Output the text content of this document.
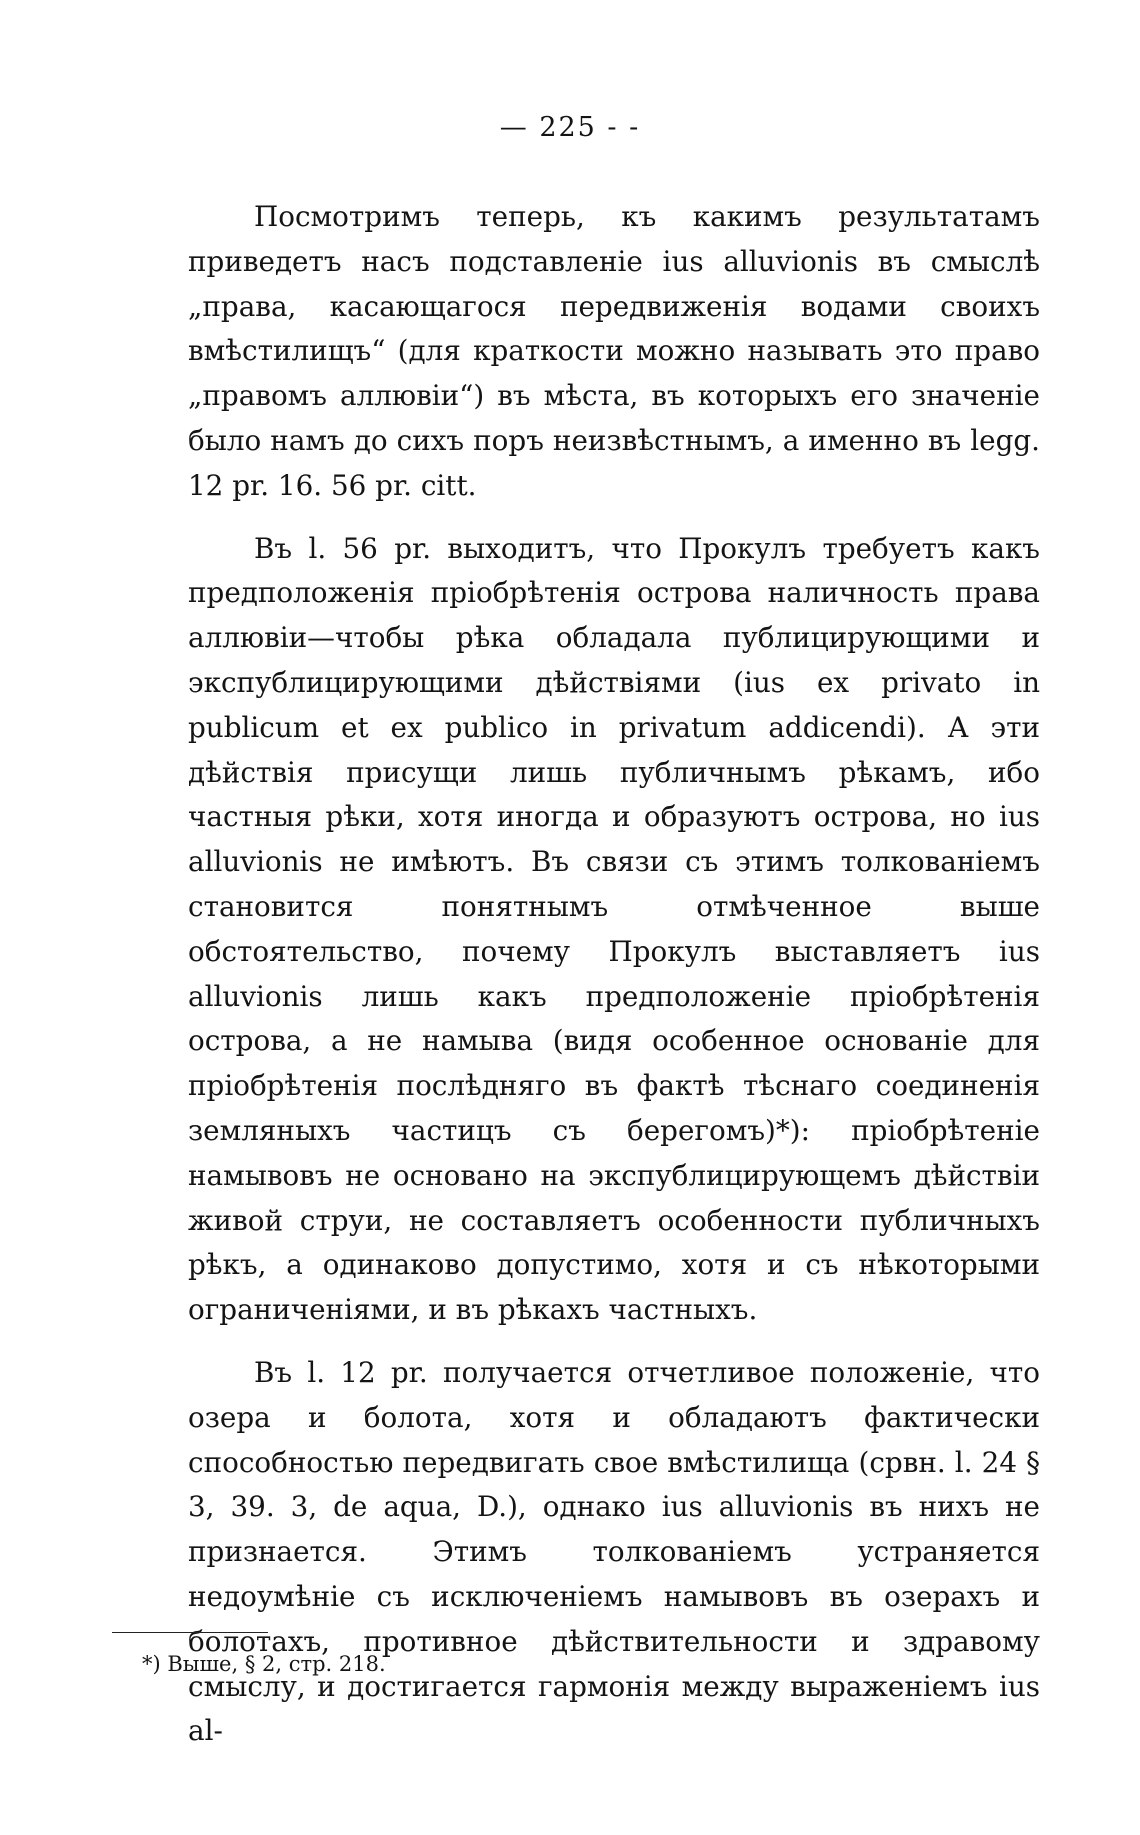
— 225 - -

Посмотримъ теперь, къ какимъ результатамъ приведетъ насъ подставленіе ius alluvionis въ смыслѣ „права, касающагося передвиженія водами своихъ вмѣстилищъ“ (для краткости можно называть это право „правомъ аллювіи“) въ мѣста, въ которыхъ его значеніе было намъ до сихъ поръ неизвѣстнымъ, а именно въ legg. 12 pr. 16. 56 pr. citt.

Въ l. 56 pr. выходитъ, что Прокулъ требуетъ какъ предположенія пріобрѣтенія острова наличность права аллювіи—чтобы рѣка обладала публицирующими и экспублицирующими дѣйствіями (ius ex privato in publicum et ex publico in privatum addicendi). А эти дѣйствія присущи лишь публичнымъ рѣкамъ, ибо частныя рѣки, хотя иногда и образуютъ острова, но ius alluvionis не имѣютъ. Въ связи съ этимъ толкованіемъ становится понятнымъ отмѣченное выше обстоятельство, почему Прокулъ выставляетъ ius alluvionis лишь какъ предположеніе пріобрѣтенія острова, а не намыва (видя особенное основаніе для пріобрѣтенія послѣдняго въ фактѣ тѣснаго соединенія земляныхъ частицъ съ берегомъ)*): пріобрѣтеніе намывовъ не основано на экспублицирующемъ дѣйствіи живой струи, не составляетъ особенности публичныхъ рѣкъ, а одинаково допустимо, хотя и съ нѣкоторыми ограниченіями, и въ рѣкахъ частныхъ.

Въ l. 12 pr. получается отчетливое положеніе, что озера и болота, хотя и обладаютъ фактически способностью передвигать свое вмѣстилища (срвн. l. 24 § 3, 39. 3, de aqua, D.), однако ius alluvionis въ нихъ не признается. Этимъ толкованіемъ устраняется недоумѣніе съ исключеніемъ намывовъ въ озерахъ и болотахъ, противное дѣйствительности и здравому смыслу, и достигается гармонія между выраженіемъ ius al-

*) Выше, § 2, стр. 218.
